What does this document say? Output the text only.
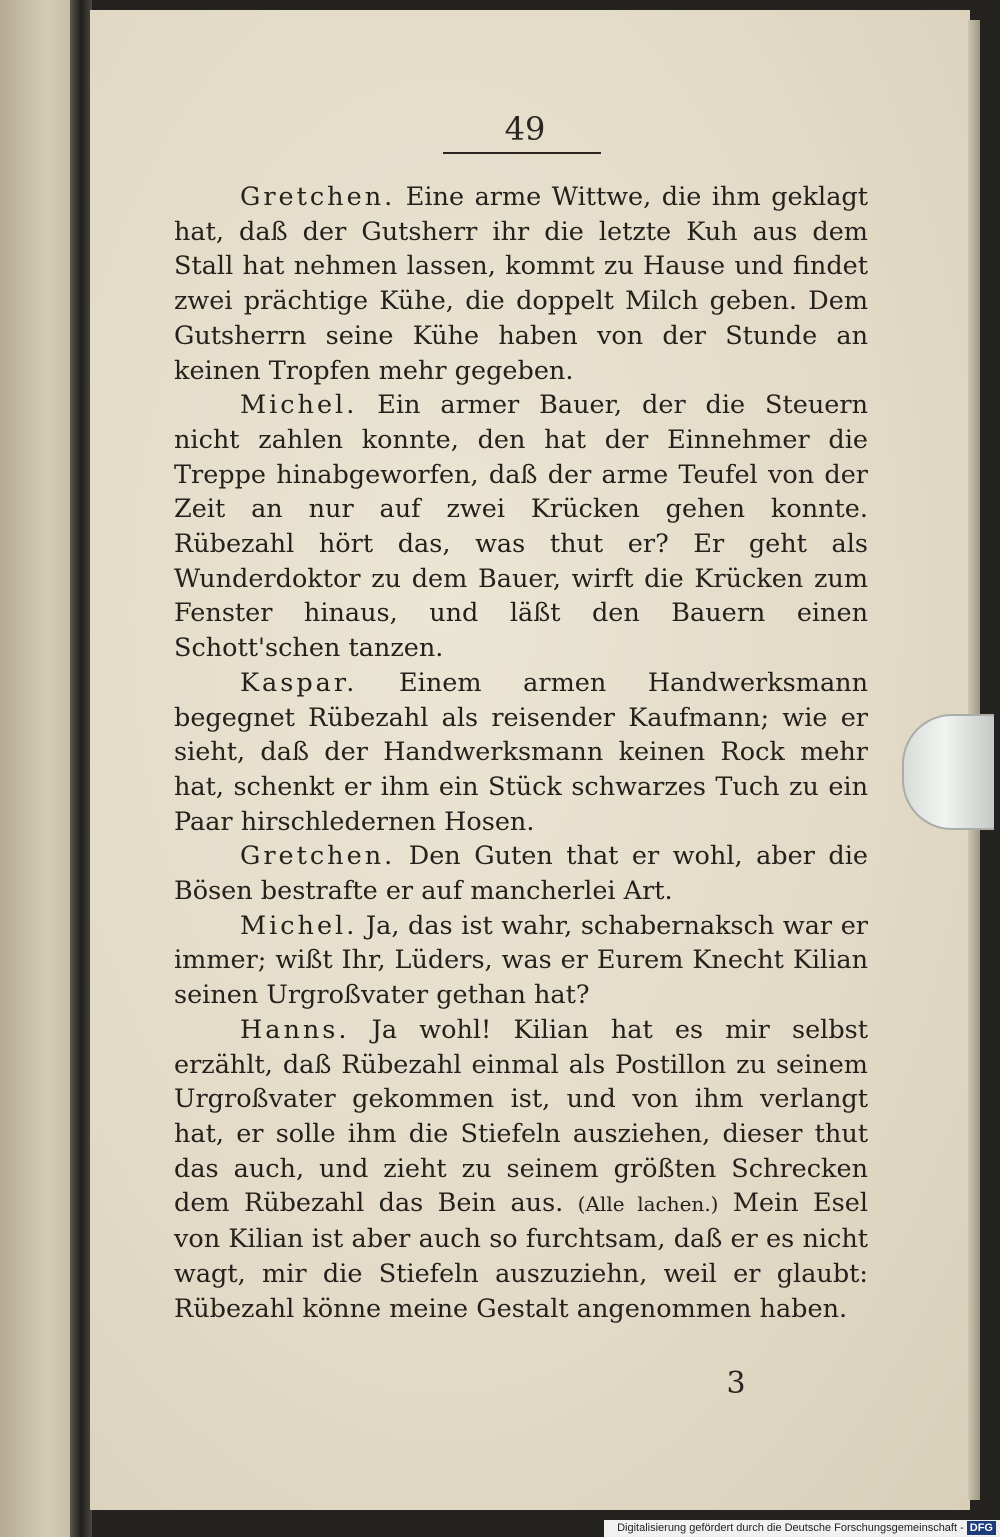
49

Gretchen. Eine arme Wittwe, die ihm geklagt hat, daß der Gutsherr ihr die letzte Kuh aus dem Stall hat nehmen lassen, kommt zu Hause und findet zwei prächtige Kühe, die doppelt Milch geben. Dem Gutsherrn seine Kühe haben von der Stunde an keinen Tropfen mehr gegeben.

Michel. Ein armer Bauer, der die Steuern nicht zahlen konnte, den hat der Einnehmer die Treppe hinabgeworfen, daß der arme Teufel von der Zeit an nur auf zwei Krücken gehen konnte. Rübezahl hört das, was thut er? Er geht als Wunderdoktor zu dem Bauer, wirft die Krücken zum Fenster hinaus, und läßt den Bauern einen Schott'schen tanzen.

Kaspar. Einem armen Handwerksmann begegnet Rübezahl als reisender Kaufmann; wie er sieht, daß der Handwerksmann keinen Rock mehr hat, schenkt er ihm ein Stück schwarzes Tuch zu ein Paar hirschledernen Hosen.

Gretchen. Den Guten that er wohl, aber die Bösen bestrafte er auf mancherlei Art.

Michel. Ja, das ist wahr, schabernaksch war er immer; wißt Ihr, Lüders, was er Eurem Knecht Kilian seinen Urgroßvater gethan hat?

Hanns. Ja wohl! Kilian hat es mir selbst erzählt, daß Rübezahl einmal als Postillon zu seinem Urgroßvater gekommen ist, und von ihm verlangt hat, er solle ihm die Stiefeln ausziehen, dieser thut das auch, und zieht zu seinem größten Schrecken dem Rübezahl das Bein aus. (Alle lachen.) Mein Esel von Kilian ist aber auch so furchtsam, daß er es nicht wagt, mir die Stiefeln auszuziehn, weil er glaubt: Rübezahl könne meine Gestalt angenommen haben.

3
Digitalisierung gefördert durch die Deutsche Forschungsgemeinschaft - DFG
